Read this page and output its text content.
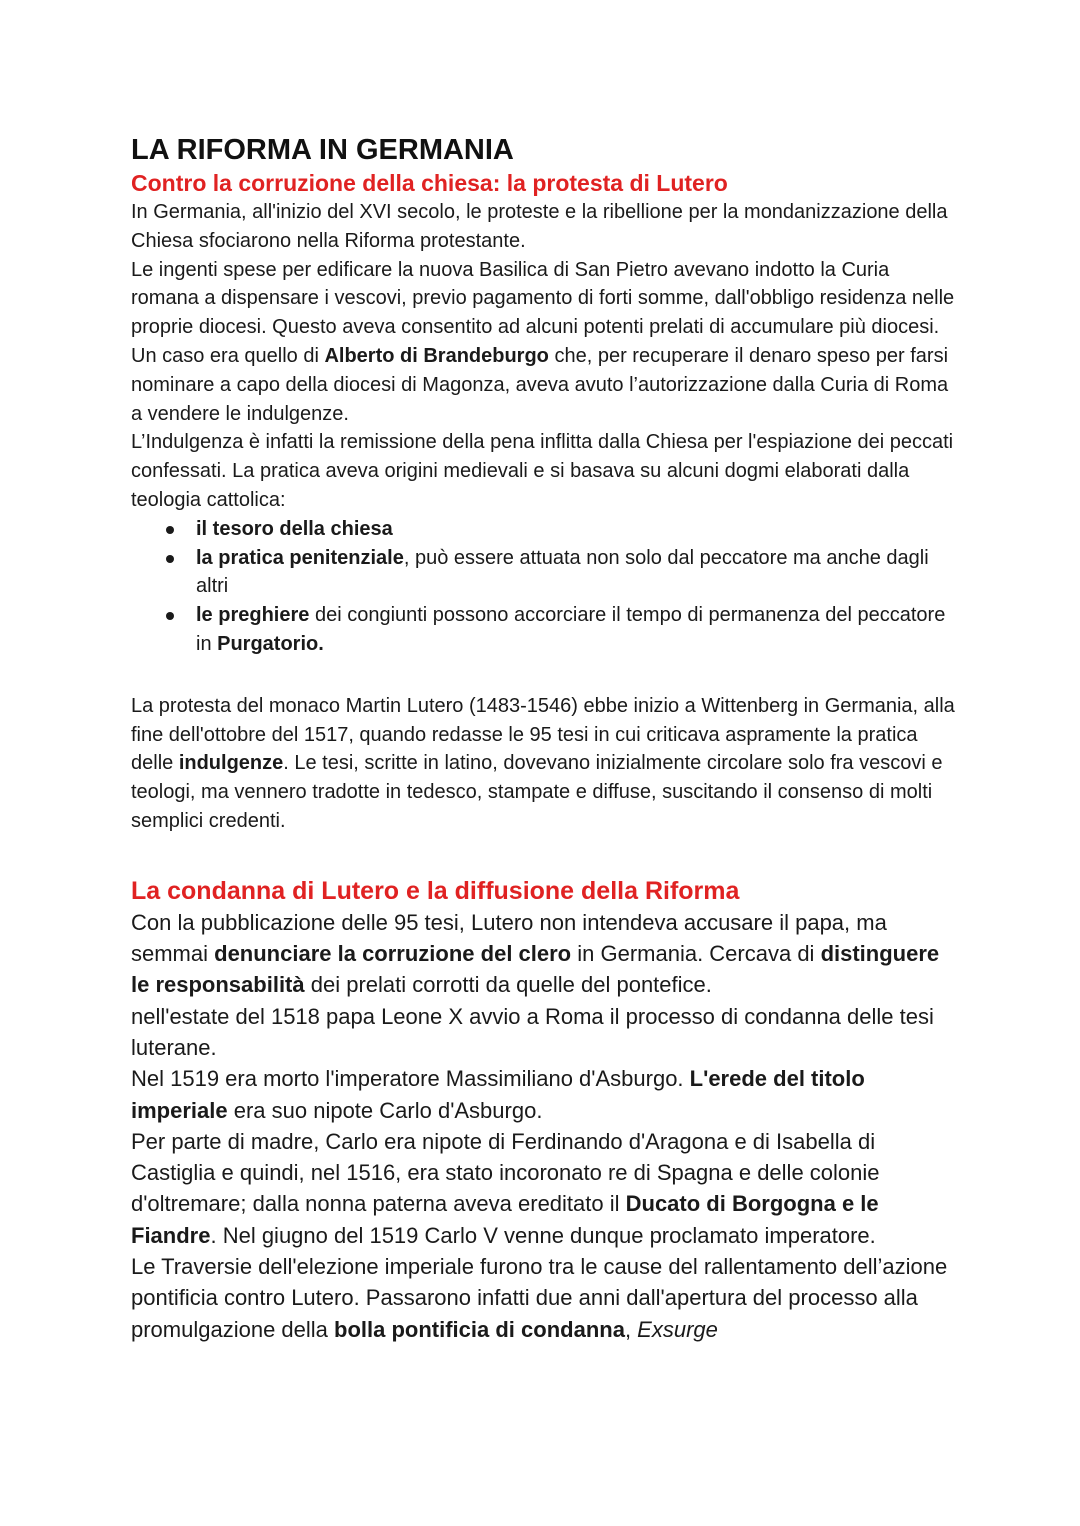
LA RIFORMA IN GERMANIA
Contro la corruzione della chiesa: la protesta di Lutero

In Germania, all'inizio del XVI secolo, le proteste e la ribellione per la mondanizzazione della Chiesa sfociarono nella Riforma protestante.

Le ingenti spese per edificare la nuova Basilica di San Pietro avevano indotto la Curia romana a dispensare i vescovi, previo pagamento di forti somme, dall'obbligo residenza nelle proprie diocesi. Questo aveva consentito ad alcuni potenti prelati di accumulare più diocesi. Un caso era quello di Alberto di Brandeburgo che, per recuperare il denaro speso per farsi nominare a capo della diocesi di Magonza, aveva avuto l’autorizzazione dalla Curia di Roma a vendere le indulgenze.

L’Indulgenza è infatti la remissione della pena inflitta dalla Chiesa per l'espiazione dei peccati confessati. La pratica aveva origini medievali e si basava su alcuni dogmi elaborati dalla teologia cattolica:

il tesoro della chiesa
la pratica penitenziale, può essere attuata non solo dal peccatore ma anche dagli altri
le preghiere dei congiunti possono accorciare il tempo di permanenza del peccatore in Purgatorio.

La protesta del monaco Martin Lutero (1483-1546) ebbe inizio a Wittenberg in Germania, alla fine dell'ottobre del 1517, quando redasse le 95 tesi in cui criticava aspramente la pratica delle indulgenze. Le tesi, scritte in latino, dovevano inizialmente circolare solo fra vescovi e teologi, ma vennero tradotte in tedesco, stampate e diffuse, suscitando il consenso di molti semplici credenti.

La condanna di Lutero e la diffusione della Riforma

Con la pubblicazione delle 95 tesi, Lutero non intendeva accusare il papa, ma semmai denunciare la corruzione del clero in Germania. Cercava di distinguere le responsabilità dei prelati corrotti da quelle del pontefice.

nell'estate del 1518 papa Leone X avvio a Roma il processo di condanna delle tesi luterane.

Nel 1519 era morto l'imperatore Massimiliano d'Asburgo. L'erede del titolo imperiale era suo nipote Carlo d'Asburgo.

Per parte di madre, Carlo era nipote di Ferdinando d'Aragona e di Isabella di Castiglia e quindi, nel 1516, era stato incoronato re di Spagna e delle colonie d'oltremare; dalla nonna paterna aveva ereditato il Ducato di Borgogna e le Fiandre. Nel giugno del 1519 Carlo V venne dunque proclamato imperatore.

Le Traversie dell'elezione imperiale furono tra le cause del rallentamento dell’azione pontificia contro Lutero. Passarono infatti due anni dall'apertura del processo alla promulgazione della bolla pontificia di condanna, Exsurge
